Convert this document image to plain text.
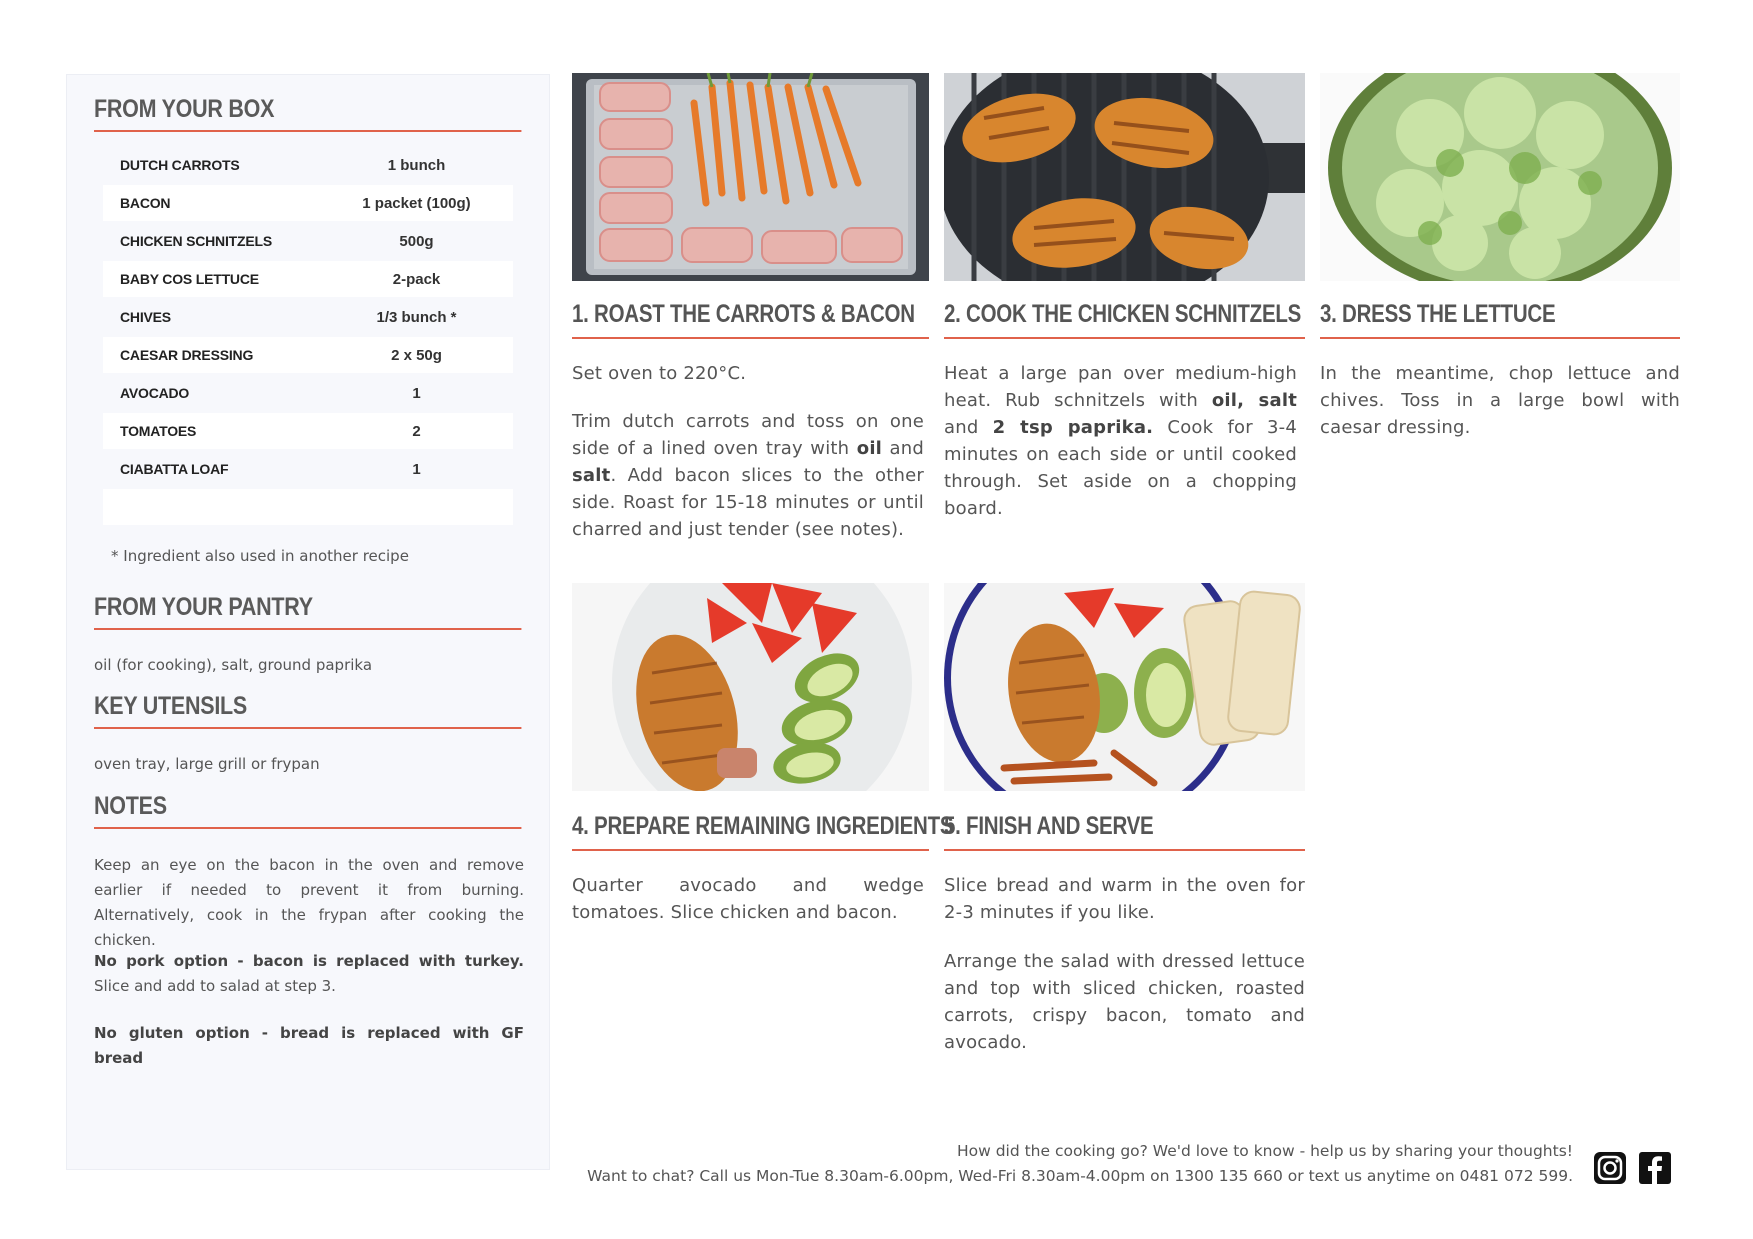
FROM YOUR BOX
DUTCH CARROTS	1 bunch
BACON	1 packet (100g)
CHICKEN SCHNITZELS	500g
BABY COS LETTUCE	2-pack
CHIVES	1/3 bunch *
CAESAR DRESSING	2 x 50g
AVOCADO	1
TOMATOES	2
CIABATTA LOAF	1
* Ingredient also used in another recipe
FROM YOUR PANTRY
oil (for cooking), salt, ground paprika
KEY UTENSILS
oven tray, large grill or frypan
NOTES
Keep an eye on the bacon in the oven and remove earlier if needed to prevent it from burning. Alternatively, cook in the frypan after cooking the chicken.
No pork option - bacon is replaced with turkey. Slice and add to salad at step 3.
No gluten option - bread is replaced with GF bread
1. ROAST THE CARROTS & BACON

Set oven to 220°C.

Trim dutch carrots and toss on one side of a lined oven tray with oil and salt. Add bacon slices to the other side. Roast for 15-18 minutes or until charred and just tender (see notes).

2. COOK THE CHICKEN SCHNITZELS

Heat a large pan over medium-high heat. Rub schnitzels with oil, salt and 2 tsp paprika. Cook for 3-4 minutes on each side or until cooked through. Set aside on a chopping board.

3. DRESS THE LETTUCE

In the meantime, chop lettuce and chives. Toss in a large bowl with caesar dressing.

4. PREPARE REMAINING INGREDIENTS

Quarter avocado and wedge tomatoes. Slice chicken and bacon.

5. FINISH AND SERVE

Slice bread and warm in the oven for 2-3 minutes if you like.

Arrange the salad with dressed lettuce and top with sliced chicken, roasted carrots, crispy bacon, tomato and avocado.

How did the cooking go? We'd love to know - help us by sharing your thoughts!
Want to chat? Call us Mon-Tue 8.30am-6.00pm, Wed-Fri 8.30am-4.00pm on 1300 135 660 or text us anytime on 0481 072 599.
